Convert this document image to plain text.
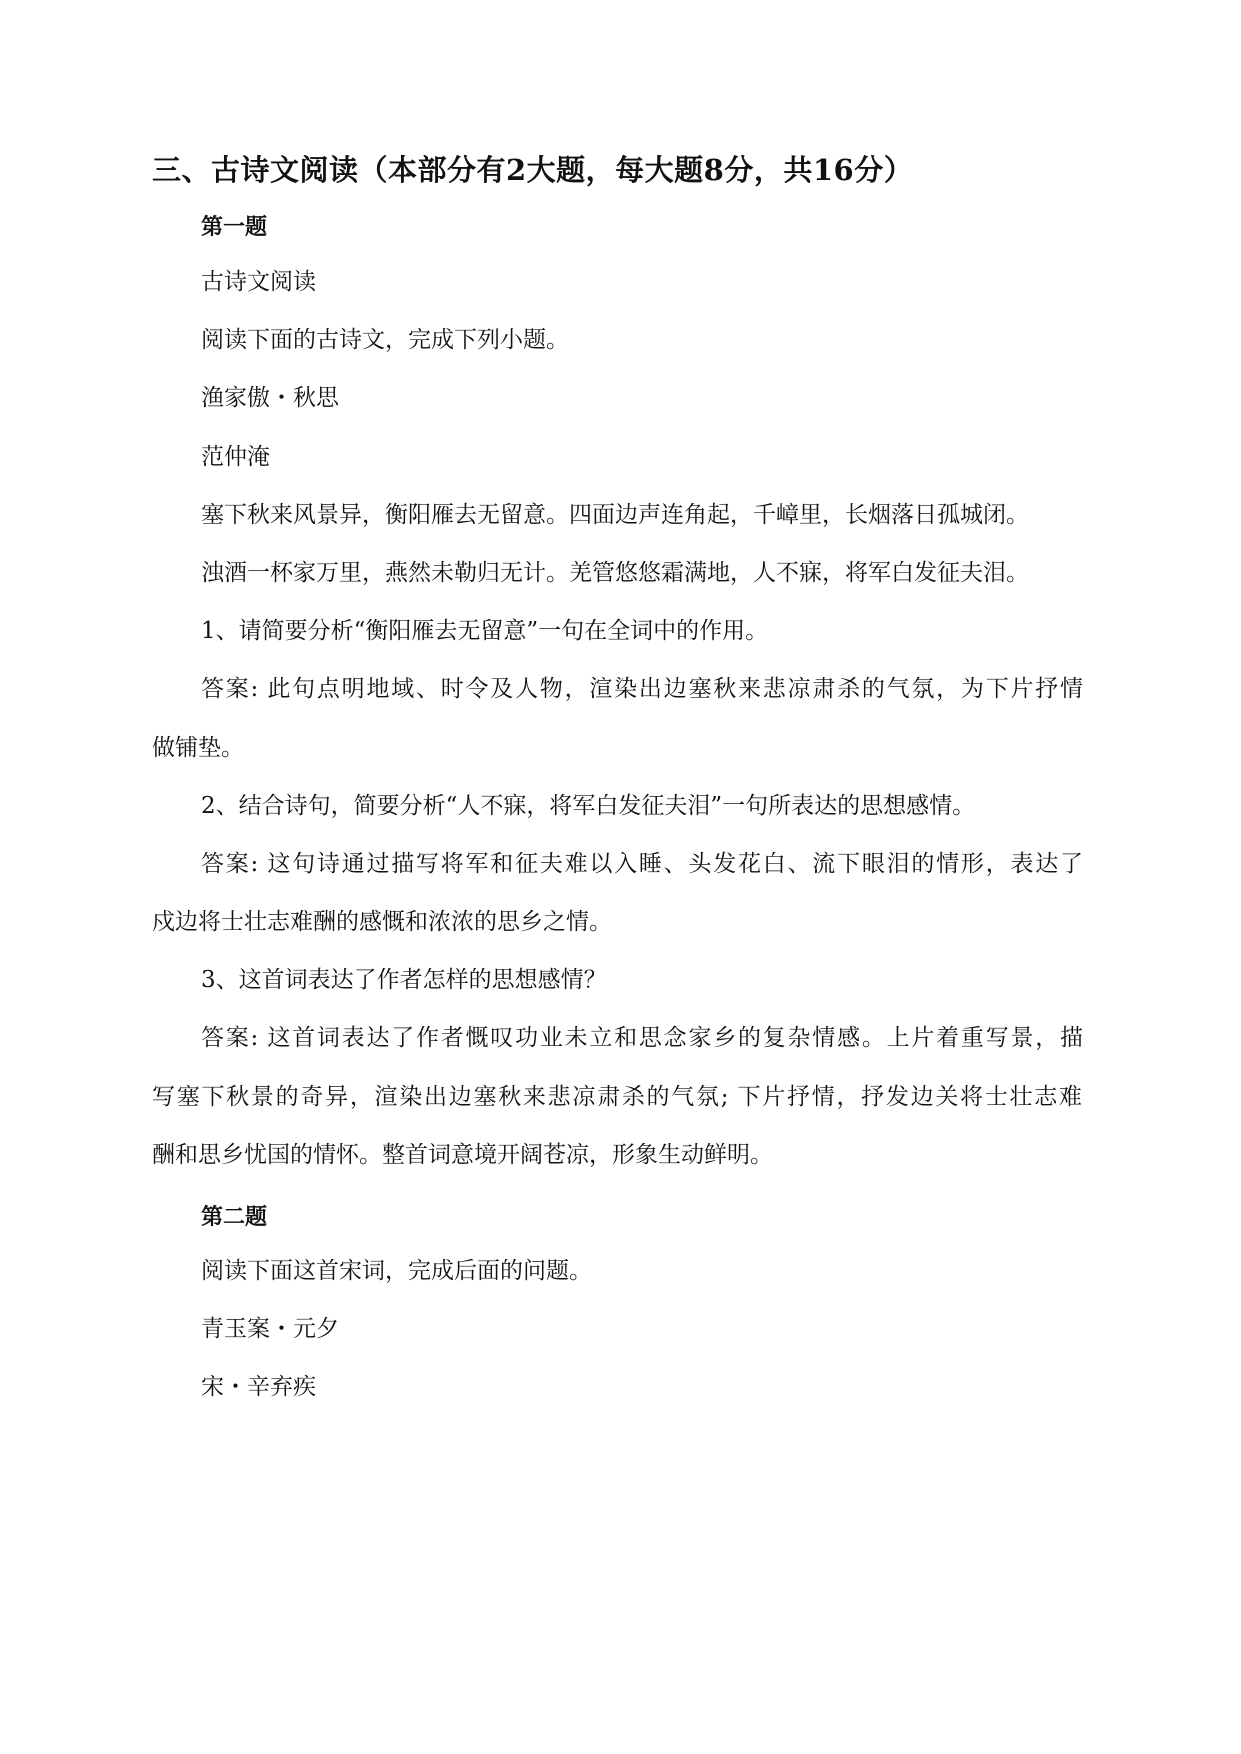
三、古诗文阅读（本部分有2大题，每大题8分，共16分）
第一题

古诗文阅读

阅读下面的古诗文，完成下列小题。

渔家傲・秋思

范仲淹

塞下秋来风景异，衡阳雁去无留意。四面边声连角起，千嶂里，长烟落日孤城闭。

浊酒一杯家万里，燕然未勒归无计。羌管悠悠霜满地，人不寐，将军白发征夫泪。

1、请简要分析“衡阳雁去无留意”一句在全词中的作用。

答案: 此句点明地域、时令及人物，渲染出边塞秋来悲凉肃杀的气氛，为下片抒情

做铺垫。

2、结合诗句，简要分析“人不寐，将军白发征夫泪”一句所表达的思想感情。

答案: 这句诗通过描写将军和征夫难以入睡、头发花白、流下眼泪的情形，表达了

戍边将士壮志难酬的感慨和浓浓的思乡之情。

3、这首词表达了作者怎样的思想感情？

答案: 这首词表达了作者慨叹功业未立和思念家乡的复杂情感。上片着重写景，描

写塞下秋景的奇异，渲染出边塞秋来悲凉肃杀的气氛; 下片抒情，抒发边关将士壮志难

酬和思乡忧国的情怀。整首词意境开阔苍凉，形象生动鲜明。

第二题

阅读下面这首宋词，完成后面的问题。

青玉案・元夕

宋・辛弃疾
